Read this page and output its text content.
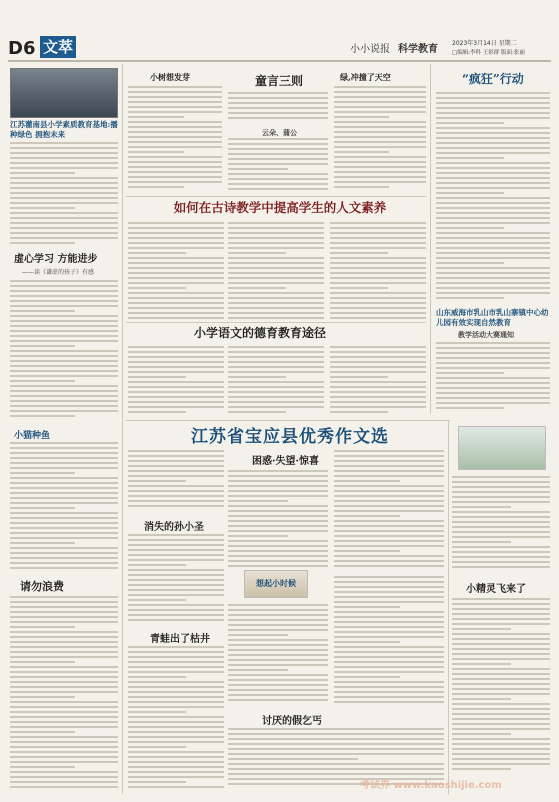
D6 文萃	小小说报 科学教育
2023年3月14日 星期二
□编辑:李科 王彩群 版面:张丽
江苏灌南县小学素质教育基地:播种绿色 拥抱未来
虚心学习 方能进步
——读《谦虚的孩子》有感
小猫种鱼
请勿浪费
小树想发芽	童言三则
云朵、蒲公
绿,冲撞了天空	“疯狂”行动
如何在古诗教学中提高学生的人文素养
小学语文的德育教育途径
山东威海市乳山市乳山寨镇中心幼儿园有效实现自然教育
教学活动大赛通知
江苏省宝应县优秀作文选
困惑·失望·惊喜
消失的孙小圣
想起小时候
青蛙出了枯井
讨厌的假乞丐
小精灵飞来了
考试界 www.kaoshijie.com
